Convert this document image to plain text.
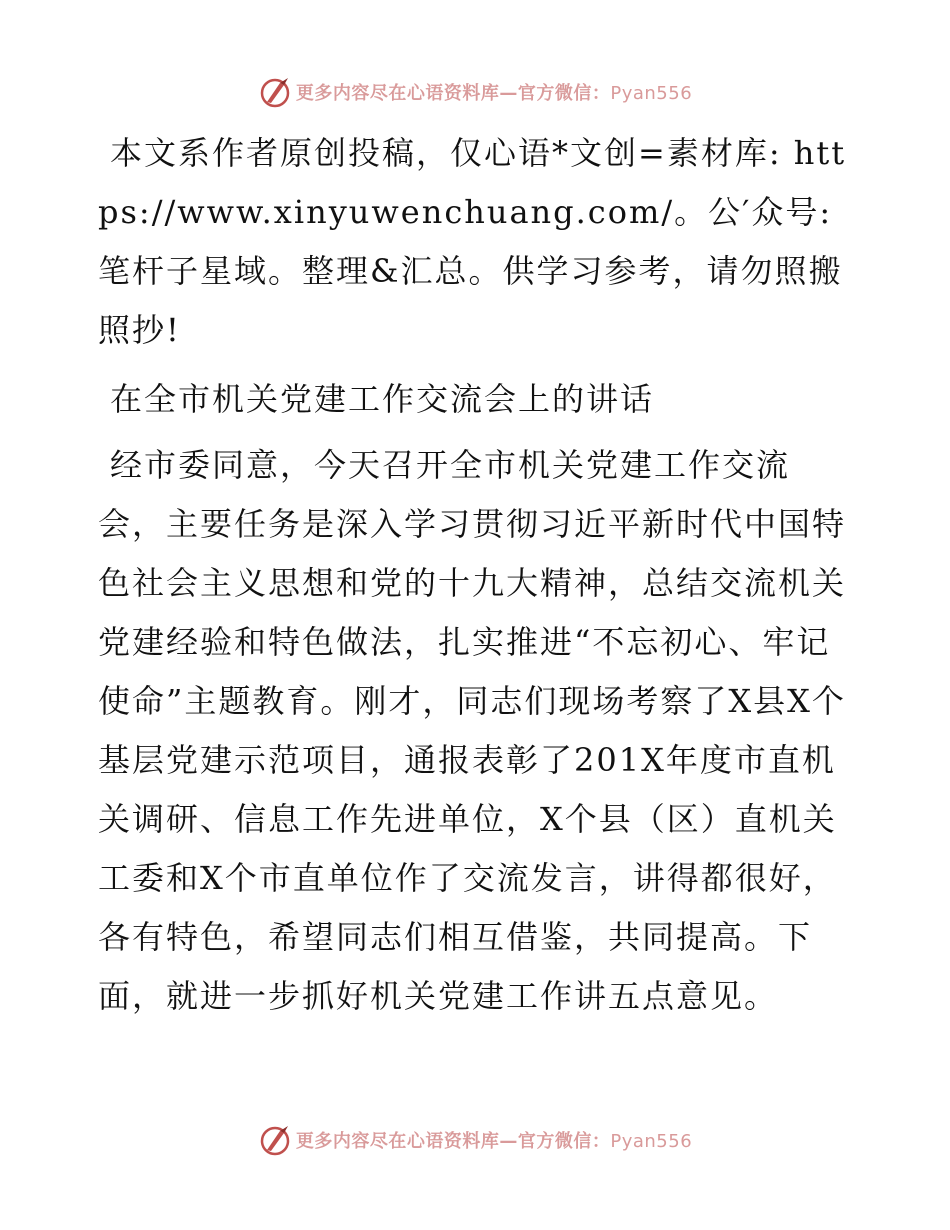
更多内容尽在心语资料库—官方微信：Pyan556

本文系作者原创投稿，仅心语*文创=素材库: https://www.xinyuwenchuang.com/。公′众号: 笔杆子星域。整理&汇总。供学习参考，请勿照搬照抄!

在全市机关党建工作交流会上的讲话

经市委同意，今天召开全市机关党建工作交流会，主要任务是深入学习贯彻习近平新时代中国特色社会主义思想和党的十九大精神，总结交流机关党建经验和特色做法，扎实推进“不忘初心、牢记使命”主题教育。刚才，同志们现场考察了X县X个基层党建示范项目，通报表彰了201X年度市直机关调研、信息工作先进单位，X个县（区）直机关工委和X个市直单位作了交流发言，讲得都很好，各有特色，希望同志们相互借鉴，共同提高。下面，就进一步抓好机关党建工作讲五点意见。

更多内容尽在心语资料库—官方微信：Pyan556
